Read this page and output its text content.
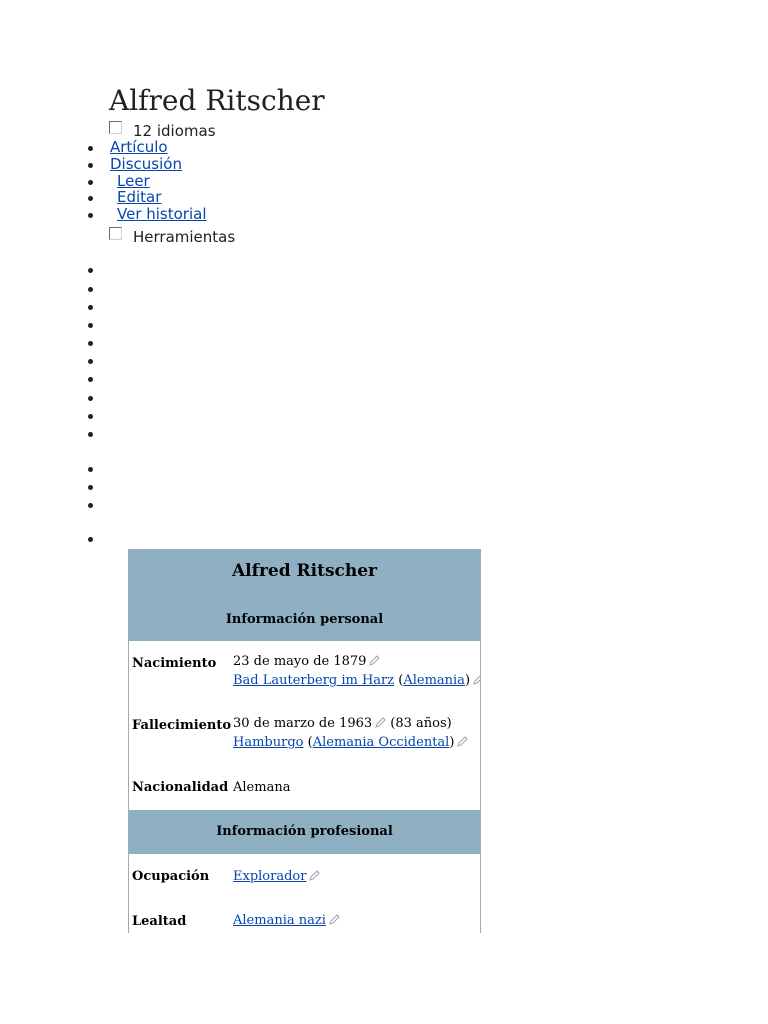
Alfred Ritscher
12 idiomas
Artículo
Discusión
Leer
Editar
Ver historial
Herramientas
Alfred Ritscher
Información personal
Nacimiento 23 de mayo de 1879
Bad Lauterberg im Harz (Alemania)
Fallecimiento 30 de marzo de 1963 (83 años)
Hamburgo (Alemania Occidental)
Nacionalidad Alemana
Información profesional
Ocupación Explorador
Lealtad	Alemania nazi
